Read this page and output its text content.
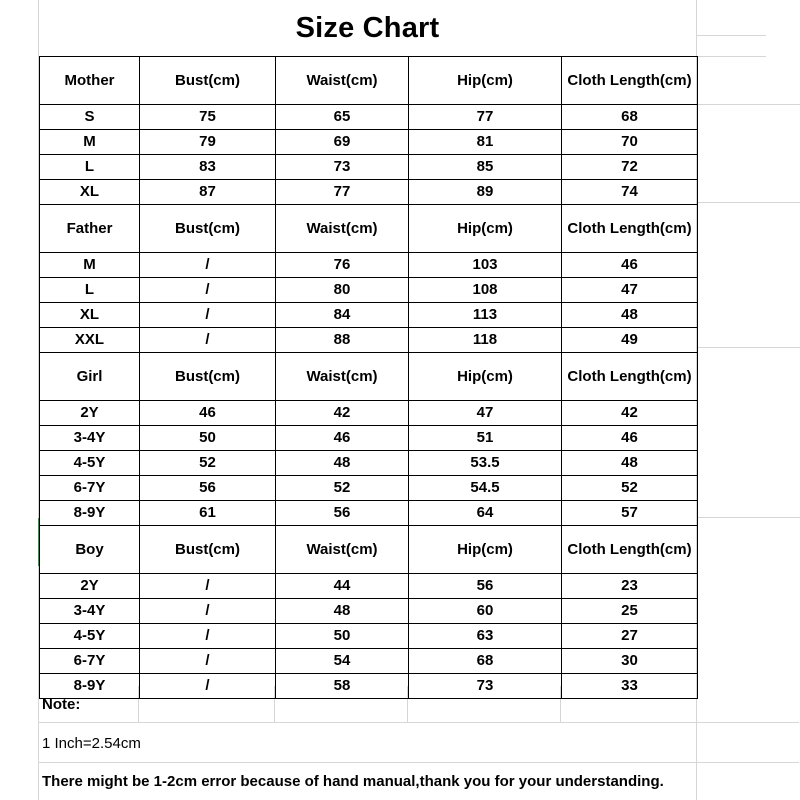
Size Chart
Mother	Bust(cm)	Waist(cm)	Hip(cm)	Cloth Length(cm)
S	75	65	77	68
M	79	69	81	70
L	83	73	85	72
XL	87	77	89	74
Father	Bust(cm)	Waist(cm)	Hip(cm)	Cloth Length(cm)
M	/	76	103	46
L	/	80	108	47
XL	/	84	113	48
XXL	/	88	118	49
Girl	Bust(cm)	Waist(cm)	Hip(cm)	Cloth Length(cm)
2Y	46	42	47	42
3-4Y	50	46	51	46
4-5Y	52	48	53.5	48
6-7Y	56	52	54.5	52
8-9Y	61	56	64	57
Boy	Bust(cm)	Waist(cm)	Hip(cm)	Cloth Length(cm)
2Y	/	44	56	23
3-4Y	/	48	60	25
4-5Y	/	50	63	27
6-7Y	/	54	68	30
8-9Y	/	58	73	33
Note:
1 Inch=2.54cm
There might be 1-2cm error because of hand manual,thank you for your understanding.
